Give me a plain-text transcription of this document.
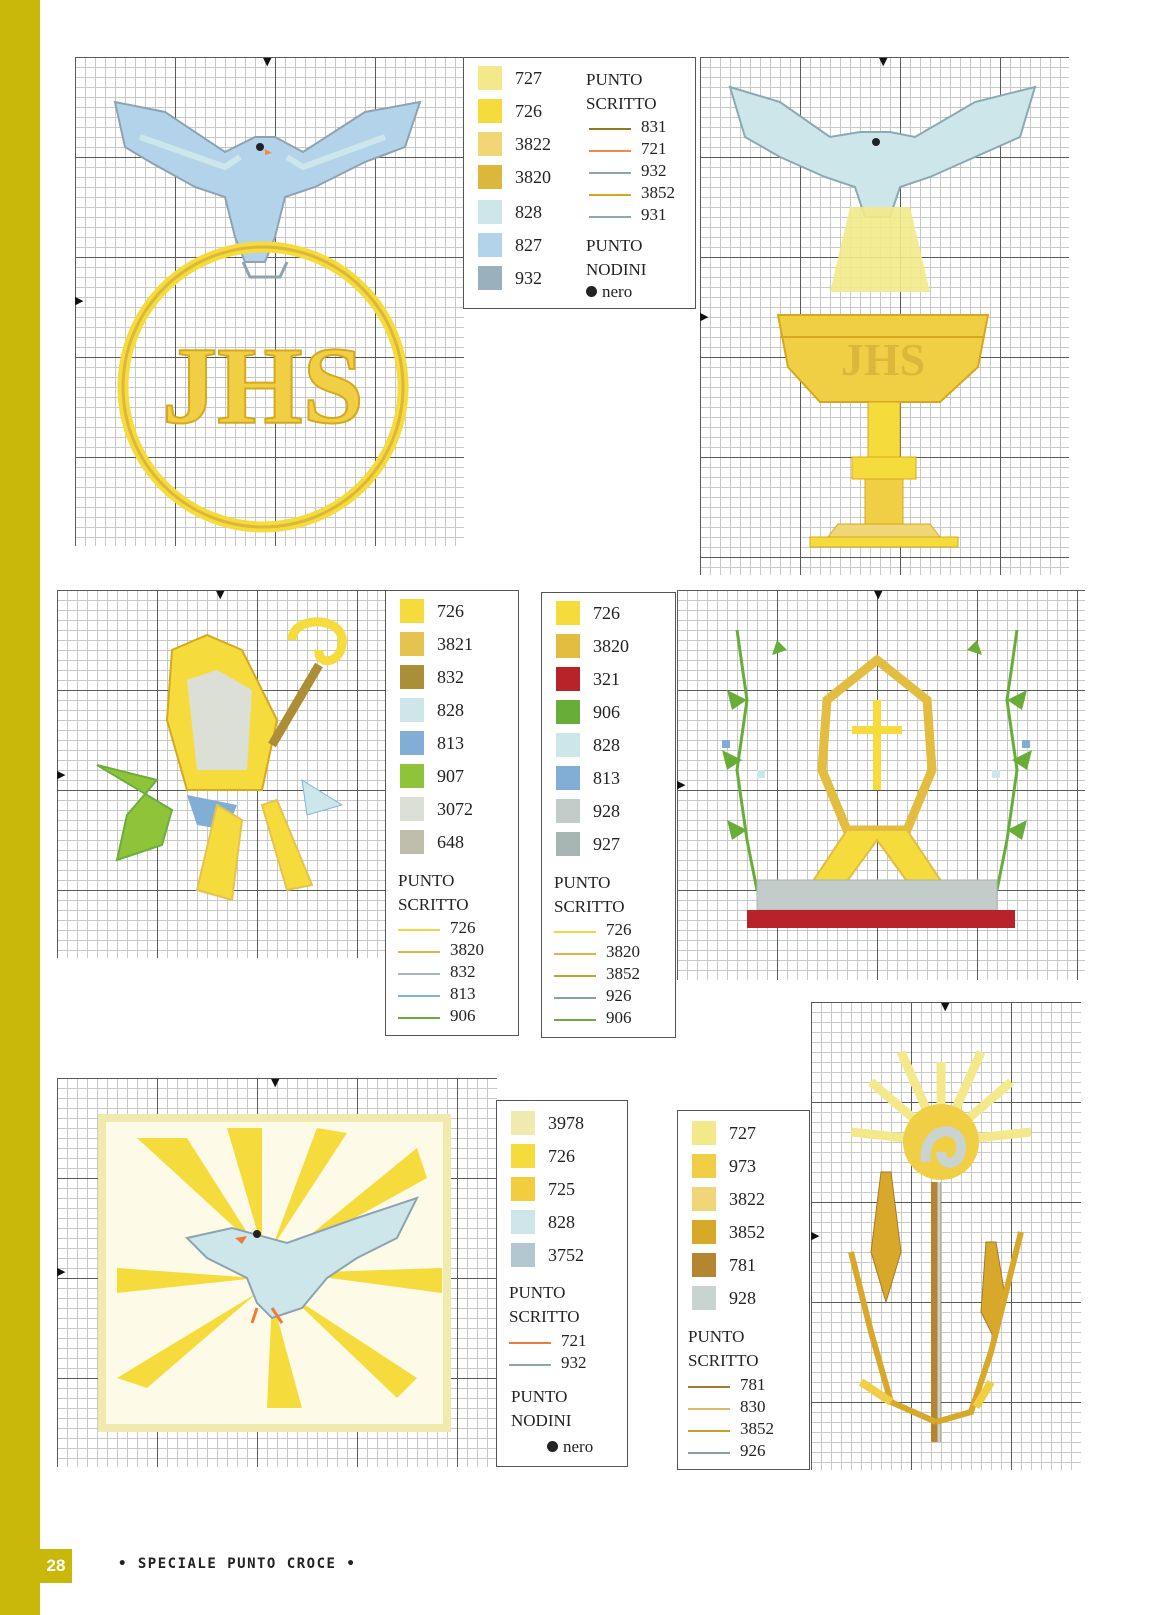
28	• SPECIALE PUNTO CROCE •
JHS
▼
▶
727
726
3822
3820
828
827
932
PUNTO
SCRITTO
831
721
932
3852
931
PUNTO
NODINI
nero
JHS
▼
▶
▼
▶
726
3821
832
828
813
907
3072
648
PUNTO
SCRITTO
726
3820
832
813
906
726
3820
321
906
828
813
928
927
PUNTO
SCRITTO
726
3820
3852
926
906
▼
▶
▼
▶
3978
726
725
828
3752
PUNTO
SCRITTO
721
932
PUNTO
NODINI
nero
727
973
3822
3852
781
928
PUNTO
SCRITTO
781
830
3852
926
▼
▶
